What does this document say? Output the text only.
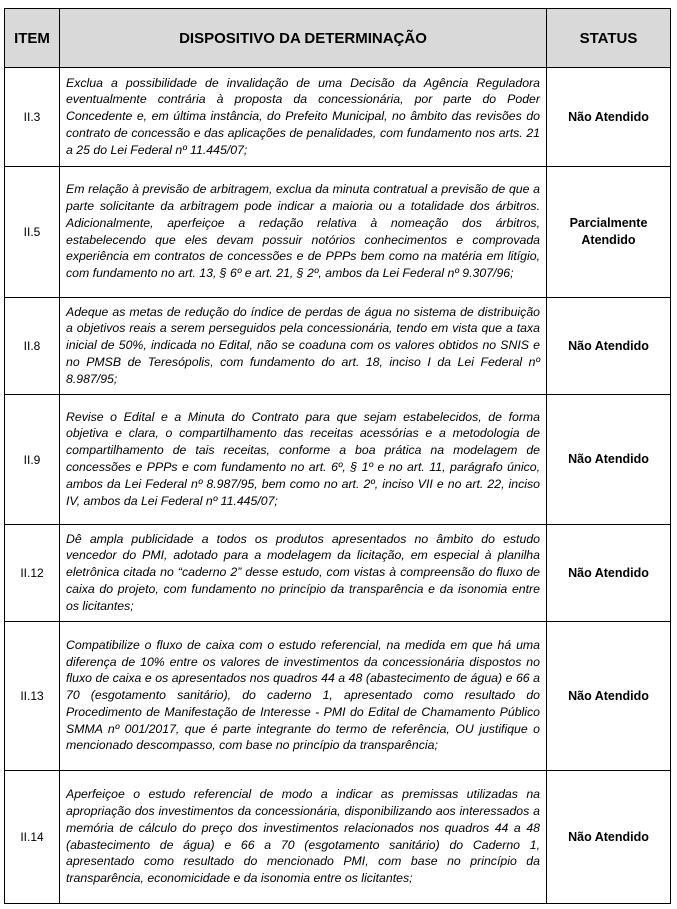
ITEM	DISPOSITIVO DA DETERMINAÇÃO	STATUS
II.3	Exclua a possibilidade de invalidação de uma Decisão da Agência Reguladora eventualmente contrária à proposta da concessionária, por parte do Poder Concedente e, em última instância, do Prefeito Municipal, no âmbito das revisões do contrato de concessão e das aplicações de penalidades, com fundamento nos arts. 21 a 25 do Lei Federal nº 11.445/07;	Não Atendido
II.5	Em relação à previsão de arbitragem, exclua da minuta contratual a previsão de que a parte solicitante da arbitragem pode indicar a maioria ou a totalidade dos árbitros. Adicionalmente, aperfeiçoe a redação relativa à nomeação dos árbitros, estabelecendo que eles devam possuir notórios conhecimentos e comprovada experiência em contratos de concessões e de PPPs bem como na matéria em litígio, com fundamento no art. 13, § 6º e art. 21, § 2º, ambos da Lei Federal nº 9.307/96;	Parcialmente Atendido
II.8	Adeque as metas de redução do índice de perdas de água no sistema de distribuição a objetivos reais a serem perseguidos pela concessionária, tendo em vista que a taxa inicial de 50%, indicada no Edital, não se coaduna com os valores obtidos no SNIS e no PMSB de Teresópolis, com fundamento do art. 18, inciso I da Lei Federal nº 8.987/95;	Não Atendido
II.9	Revise o Edital e a Minuta do Contrato para que sejam estabelecidos, de forma objetiva e clara, o compartilhamento das receitas acessórias e a metodologia de compartilhamento de tais receitas, conforme a boa prática na modelagem de concessões e PPPs e com fundamento no art. 6º, § 1º e no art. 11, parágrafo único, ambos da Lei Federal nº 8.987/95, bem como no art. 2º, inciso VII e no art. 22, inciso IV, ambos da Lei Federal nº 11.445/07;	Não Atendido
II.12	Dê ampla publicidade a todos os produtos apresentados no âmbito do estudo vencedor do PMI, adotado para a modelagem da licitação, em especial à planilha eletrônica citada no “caderno 2” desse estudo, com vistas à compreensão do fluxo de caixa do projeto, com fundamento no princípio da transparência e da isonomia entre os licitantes;	Não Atendido
II.13	Compatibilize o fluxo de caixa com o estudo referencial, na medida em que há uma diferença de 10% entre os valores de investimentos da concessionária dispostos no fluxo de caixa e os apresentados nos quadros 44 a 48 (abastecimento de água) e 66 a 70 (esgotamento sanitário), do caderno 1, apresentado como resultado do Procedimento de Manifestação de Interesse - PMI do Edital de Chamamento Público SMMA nº 001/2017, que é parte integrante do termo de referência, OU justifique o mencionado descompasso, com base no princípio da transparência;	Não Atendido
II.14	Aperfeiçoe o estudo referencial de modo a indicar as premissas utilizadas na apropriação dos investimentos da concessionária, disponibilizando aos interessados a memória de cálculo do preço dos investimentos relacionados nos quadros 44 a 48 (abastecimento de água) e 66 a 70 (esgotamento sanitário) do Caderno 1, apresentado como resultado do mencionado PMI, com base no princípio da transparência, economicidade e da isonomia entre os licitantes;	Não Atendido
